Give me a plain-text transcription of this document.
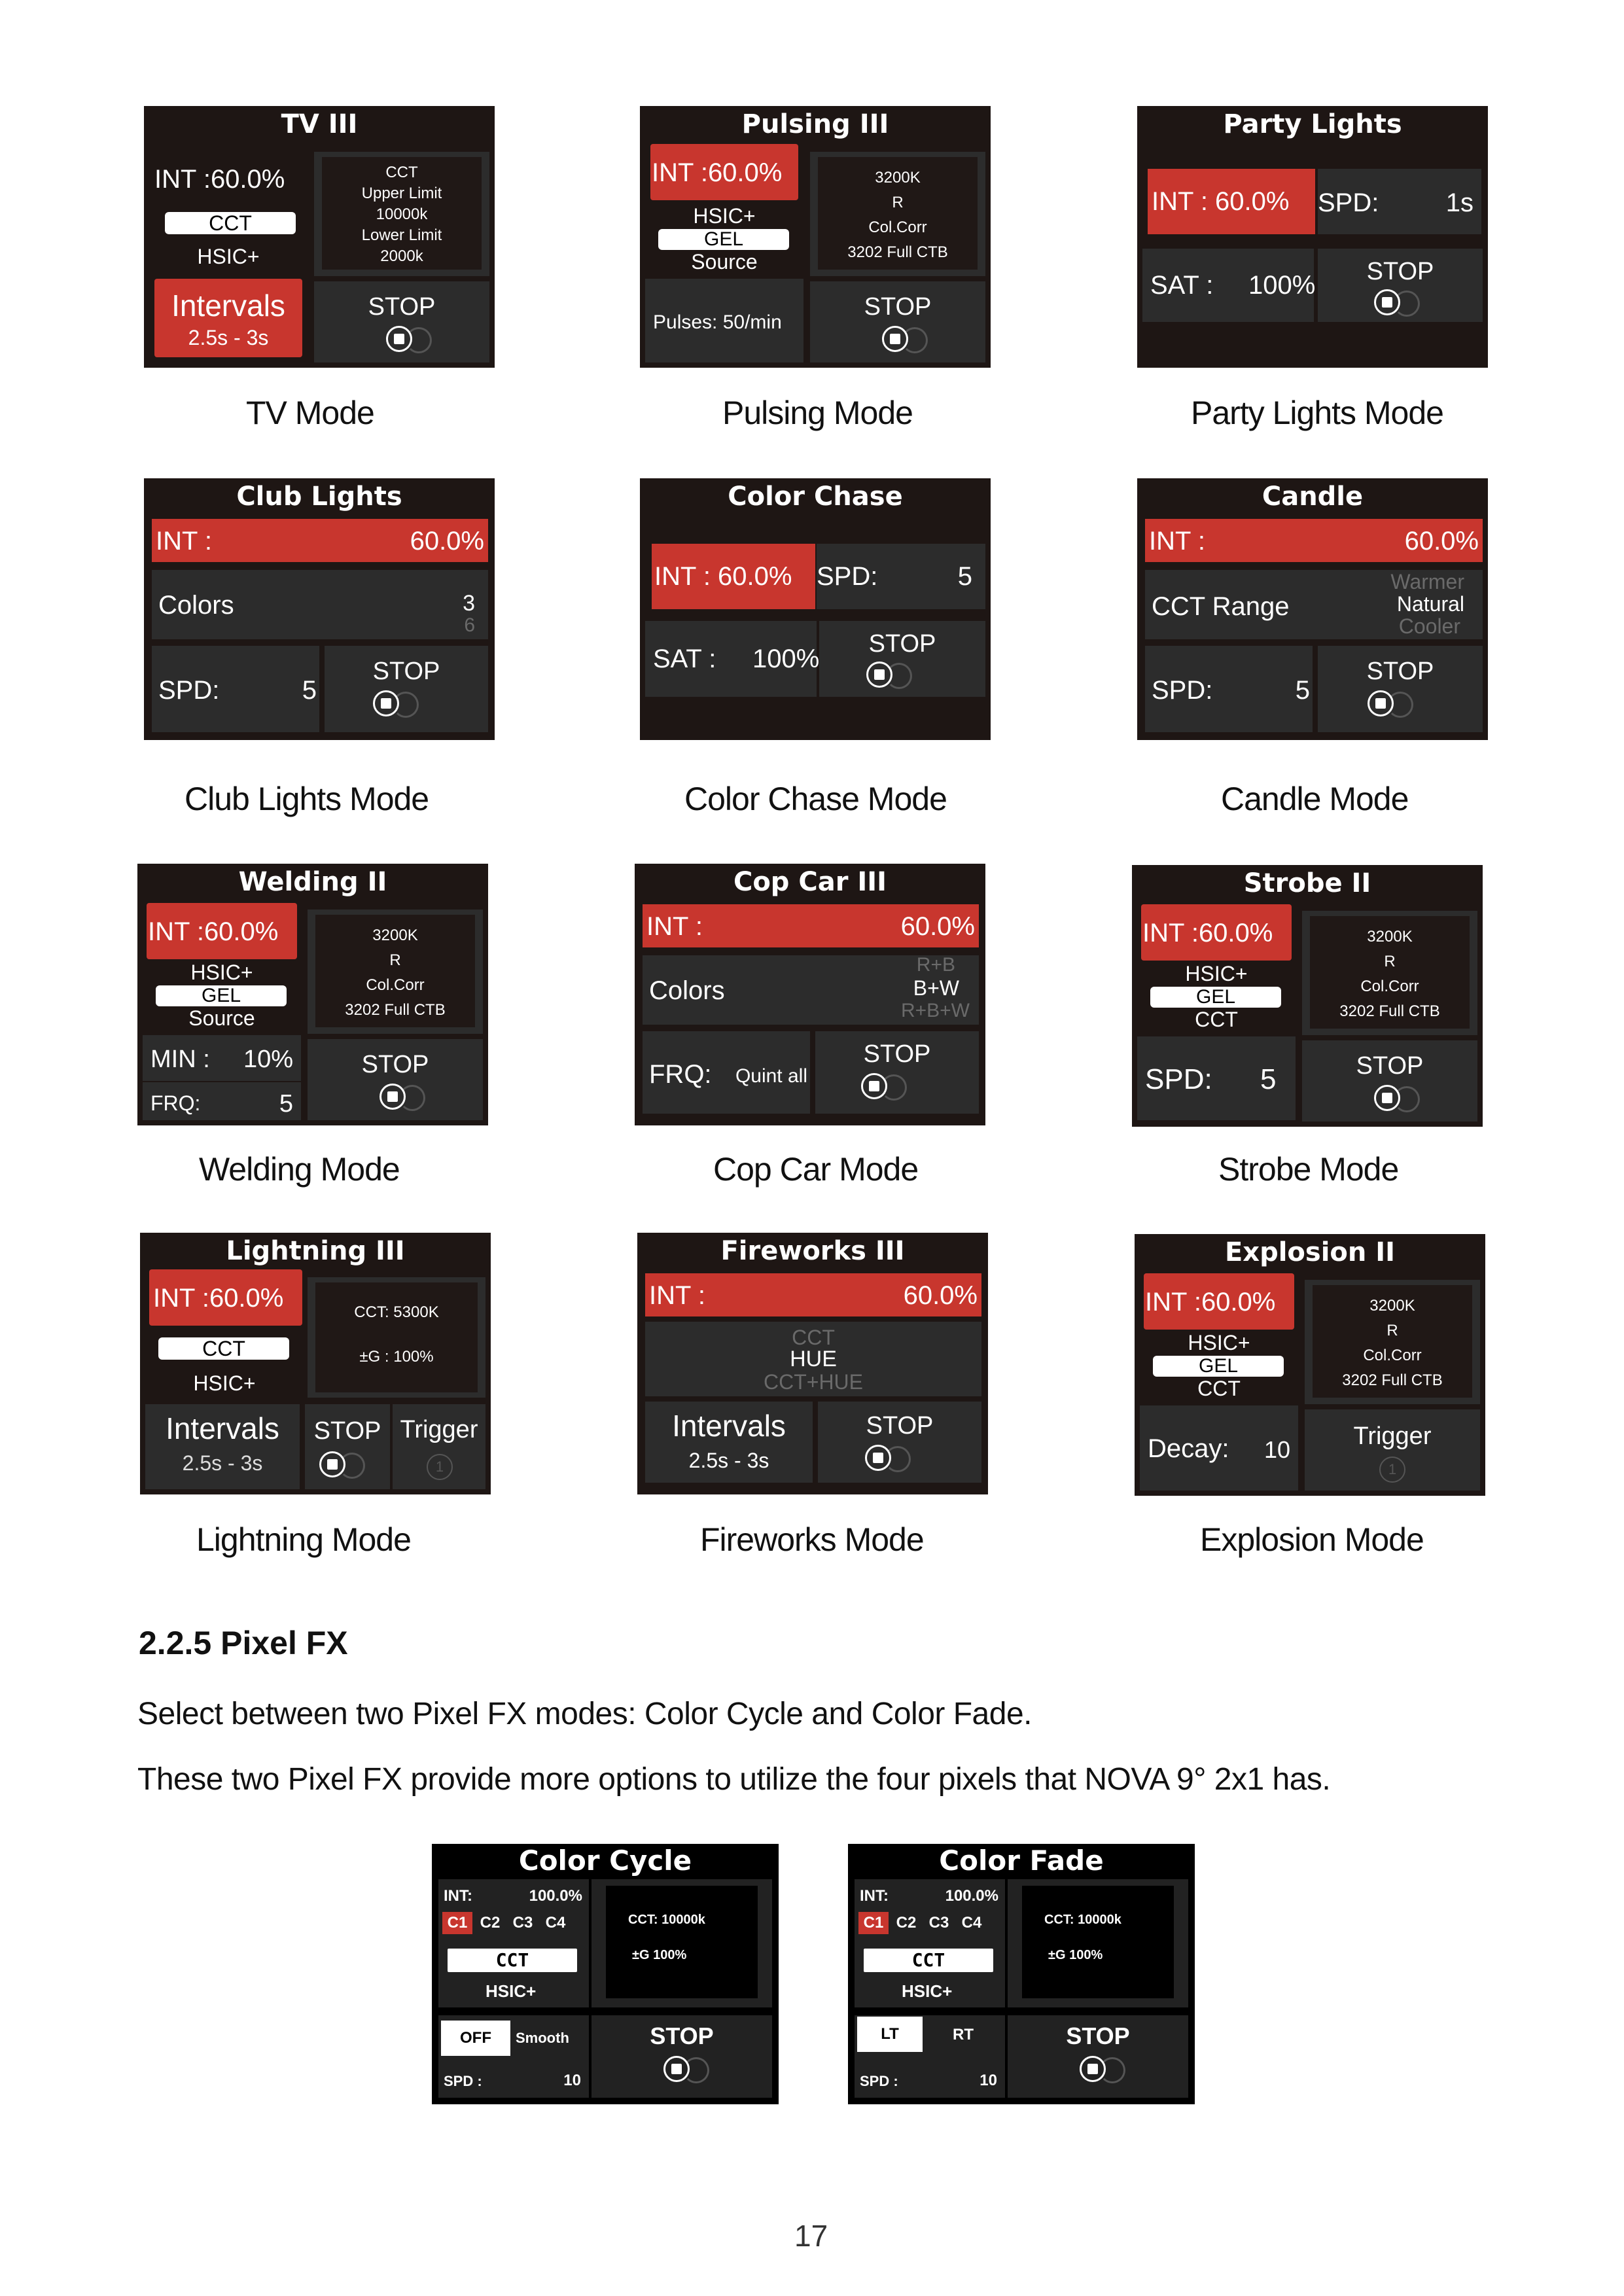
TV III
INT :60.0%
CCT
HSIC+
Intervals
2.5s - 3s
CCT
Upper Limit
10000k
Lower Limit
2000k
STOP
TV Mode
Pulsing III
INT :60.0%
HSIC+
GEL
Source
Pulses: 50/min
3200K
R
Col.Corr
3202 Full CTB
STOP
Pulsing Mode
Party Lights
INT : 60.0% SPD:	1s
SAT : 100%	STOP
Party Lights Mode
Club Lights
INT :	60.0%
Colors	3
6
SPD:	5
STOP
Club Lights Mode
Color Chase
INT : 60.0% SPD:	5
SAT : 100%
STOP
Color Chase Mode
Candle
INT :	60.0%
CCT Range
Warmer
Natural
Cooler
SPD:	5
STOP
Candle Mode
Welding II
INT :60.0%
HSIC+
GEL
Source
MIN : 10%
FRQ:	5
3200K
R
Col.Corr
3202 Full CTB
STOP
Welding Mode
Cop Car III
INT :	60.0%
Colors
R+B
B+W
R+B+W
FRQ: Quint all
STOP
Cop Car Mode
Strobe II
INT :60.0%
HSIC+
GEL
CCT
SPD: 5
3200K
R
Col.Corr
3202 Full CTB
STOP
Strobe Mode
Lightning III
INT :60.0%
CCT
HSIC+
Intervals
2.5s - 3s
CCT: 5300K
±G : 100%
STOP Trigger
1
Lightning Mode
Fireworks III
INT :	60.0%
CCT
HUE
CCT+HUE
Intervals
2.5s - 3s
STOP
Fireworks Mode
Explosion II
INT :60.0%
HSIC+
GEL
CCT
Decay: 10
3200K
R
Col.Corr
3202 Full CTB
Trigger
1
Explosion Mode
2.2.5 Pixel FX
Select between two Pixel FX modes: Color Cycle and Color Fade.
These two Pixel FX provide more options to utilize the four pixels that NOVA 9° 2x1 has.
Color Cycle
INT:	100.0%
C1 C2 C3 C4
CCT
HSIC+
CCT: 10000k
±G 100%
OFF	Smooth
SPD :	10
STOP
Color Fade
INT:	100.0%
C1 C2 C3 C4
CCT
HSIC+
CCT: 10000k
±G 100%
LT	RT
SPD :	10
STOP
17
